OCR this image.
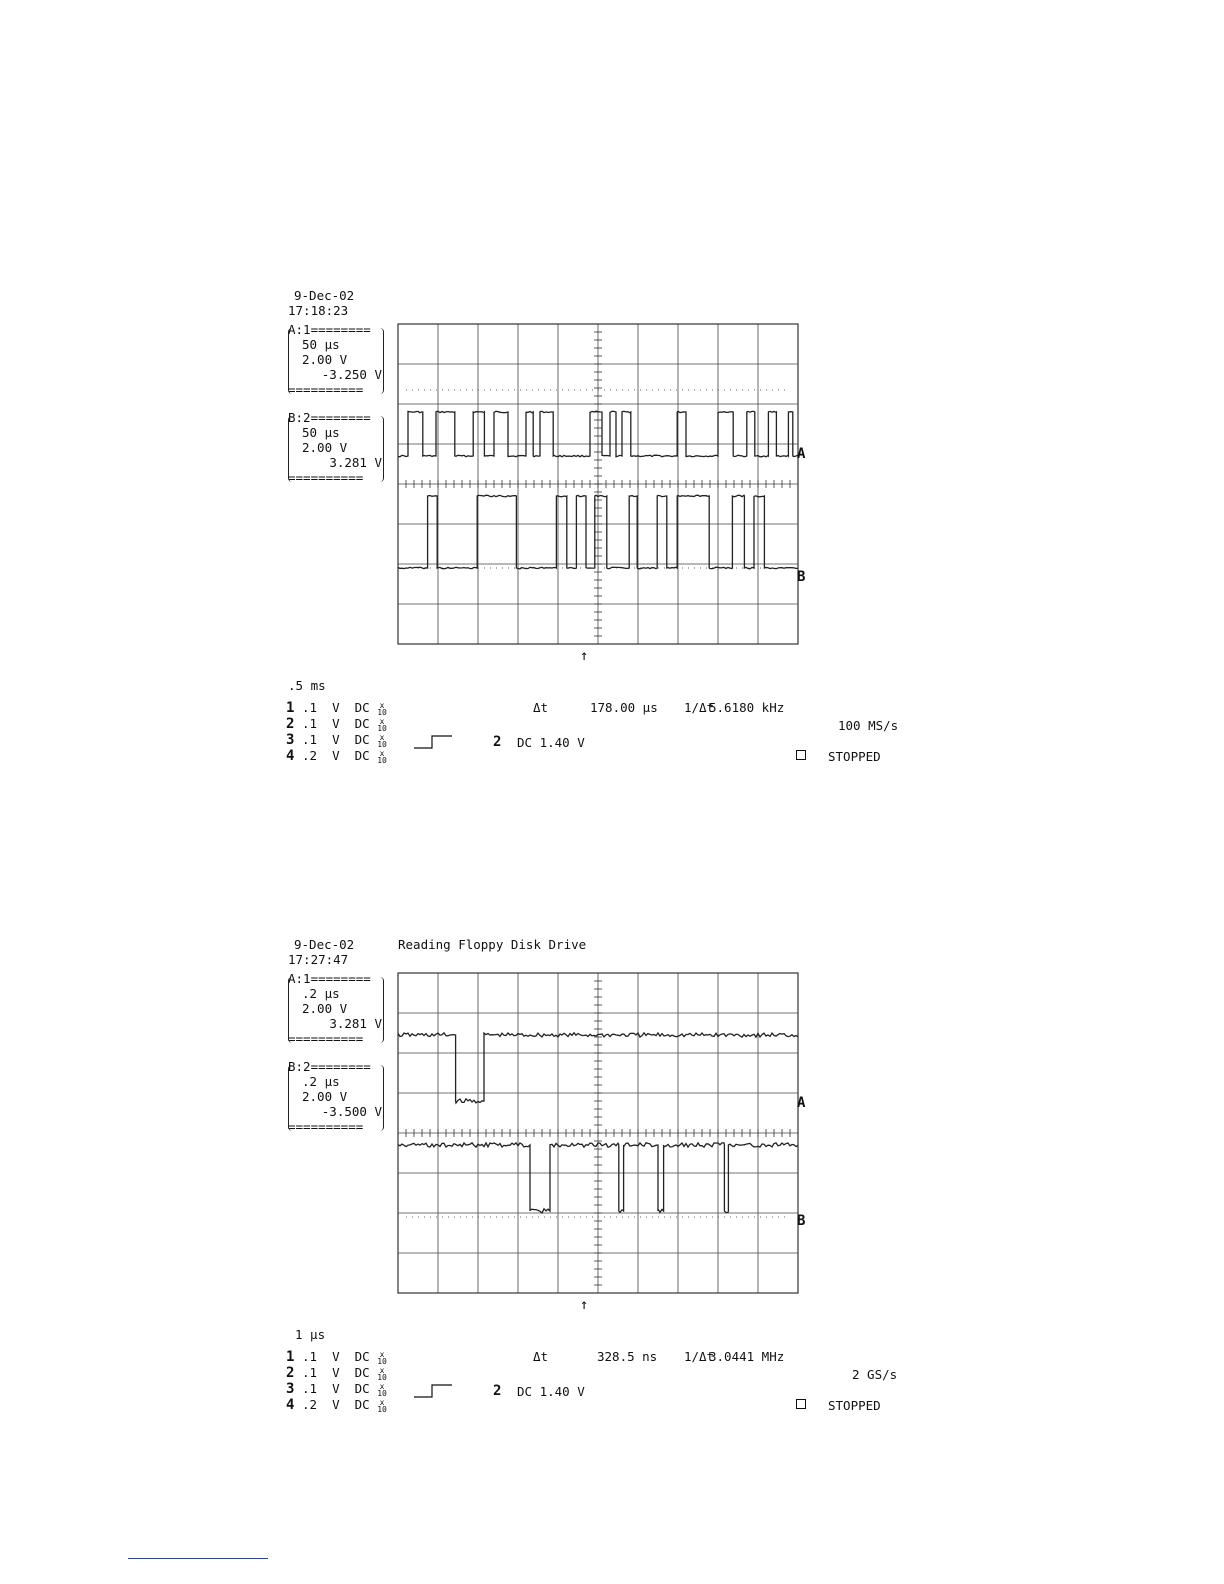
↑
9-Dec-02
17:18:23
A:1========
50 μs
2.00 V
-3.250 V
==========
B:2========
50 μs
2.00 V
3.281 V
==========
A
B
.5 ms
1 .1  V  DC x
10
2 .1  V  DC x
10
3 .1  V  DC x
10
4 .2  V  DC x
10
Δt	178.00 μs 1/Δt
5.6180 kHz
100 MS/s
2 DC 1.40 V
STOPPED
↑
9-Dec-02
17:27:47
Reading Floppy Disk Drive
A:1========
.2 μs
2.00 V
3.281 V
==========
B:2========
.2 μs
2.00 V
-3.500 V
==========
A
B
1 μs
1 .1  V  DC x
10
2 .1  V  DC x
10
3 .1  V  DC x
10
4 .2  V  DC x
10
Δt	328.5 ns 1/Δt
3.0441 MHz
2 GS/s
2 DC 1.40 V
STOPPED
